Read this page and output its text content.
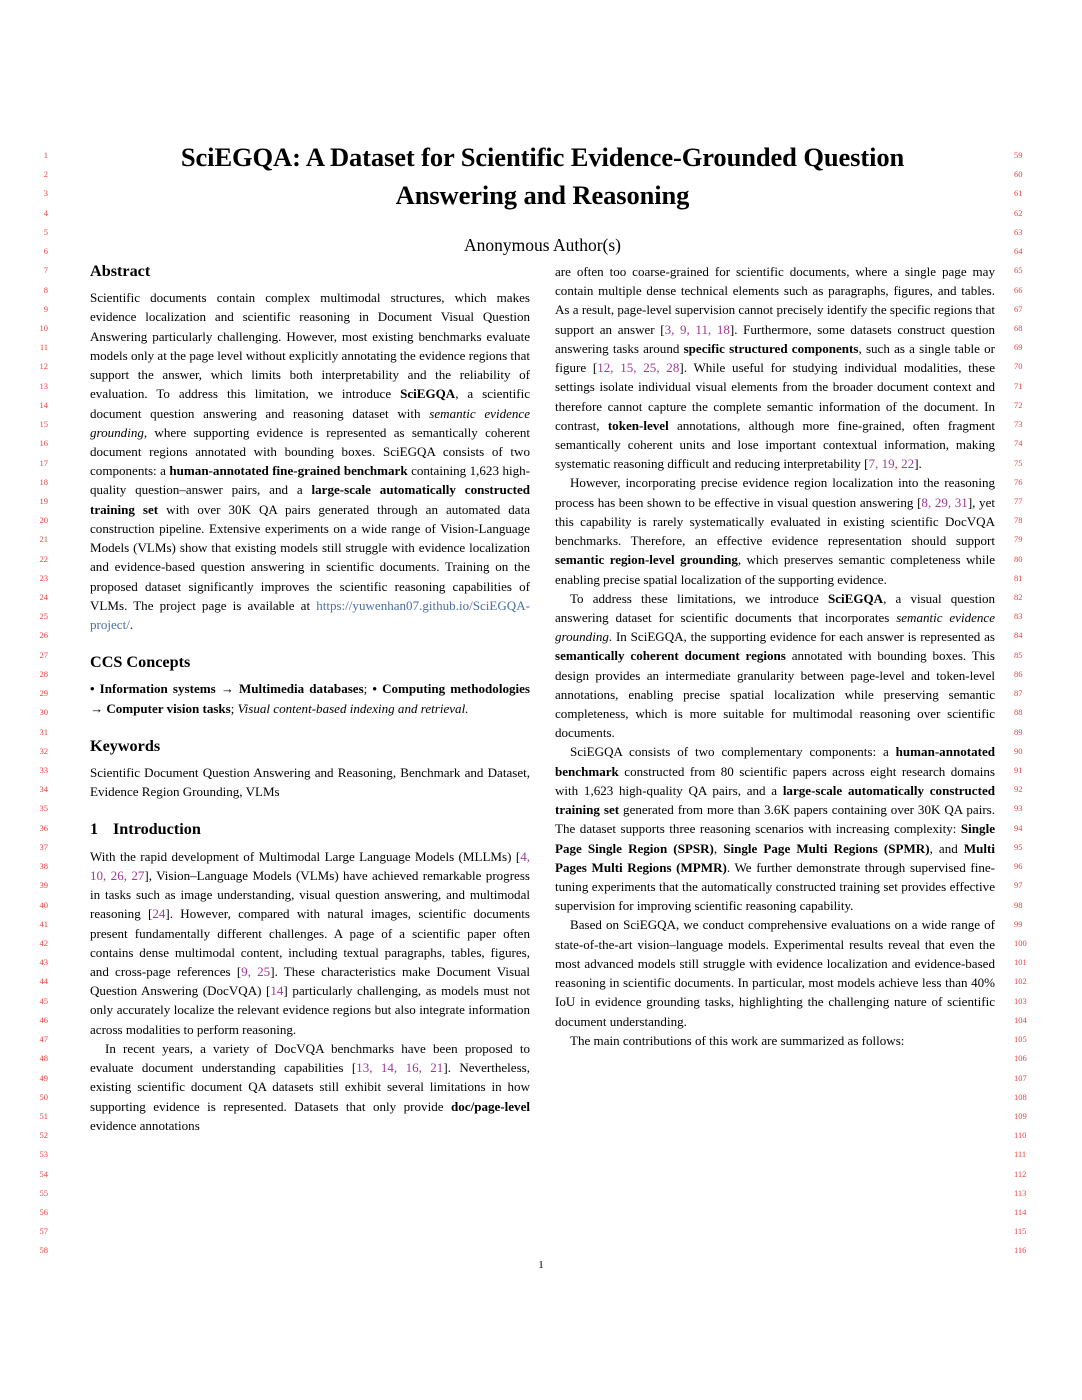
1
2
3
4
5
6
7
8
9
10
11
12
13
14
15
16
17
18
19
20
21
22
23
24
25
26
27
28
29
30
31
32
33
34
35
36
37
38
39
40
41
42
43
44
45
46
47
48
49
50
51
52
53
54
55
56
57
58
59
60
61
62
63
64
65
66
67
68
69
70
71
72
73
74
75
76
77
78
79
80
81
82
83
84
85
86
87
88
89
90
91
92
93
94
95
96
97
98
99
100
101
102
103
104
105
106
107
108
109
110
111
112
113
114
115
116
SciEGQA: A Dataset for Scientific Evidence-Grounded Question
Answering and Reasoning
Anonymous Author(s)
Abstract

Scientific documents contain complex multimodal structures, which makes evidence localization and scientific reasoning in Document Visual Question Answering particularly challenging. However, most existing benchmarks evaluate models only at the page level without explicitly annotating the evidence regions that support the answer, which limits both interpretability and the reliability of evaluation. To address this limitation, we introduce SciEGQA, a scientific document question answering and reasoning dataset with semantic evidence grounding, where supporting evidence is represented as semantically coherent document regions annotated with bounding boxes. SciEGQA consists of two components: a human-annotated fine-grained benchmark containing 1,623 high-quality question–answer pairs, and a large-scale automatically constructed training set with over 30K QA pairs generated through an automated data construction pipeline. Extensive experiments on a wide range of Vision-Language Models (VLMs) show that existing models still struggle with evidence localization and evidence-based question answering in scientific documents. Training on the proposed dataset significantly improves the scientific reasoning capabilities of VLMs. The project page is available at https://yuwenhan07.github.io/SciEGQA-project/.

CCS Concepts

• Information systems → Multimedia databases; • Computing methodologies → Computer vision tasks; Visual content-based indexing and retrieval.

Keywords

Scientific Document Question Answering and Reasoning, Benchmark and Dataset, Evidence Region Grounding, VLMs

1 Introduction

With the rapid development of Multimodal Large Language Models (MLLMs) [4, 10, 26, 27], Vision–Language Models (VLMs) have achieved remarkable progress in tasks such as image understanding, visual question answering, and multimodal reasoning [24]. However, compared with natural images, scientific documents present fundamentally different challenges. A page of a scientific paper often contains dense multimodal content, including textual paragraphs, tables, figures, and cross-page references [9, 25]. These characteristics make Document Visual Question Answering (DocVQA) [14] particularly challenging, as models must not only accurately localize the relevant evidence regions but also integrate information across modalities to perform reasoning.

In recent years, a variety of DocVQA benchmarks have been proposed to evaluate document understanding capabilities [13, 14, 16, 21]. Nevertheless, existing scientific document QA datasets still exhibit several limitations in how supporting evidence is represented. Datasets that only provide doc/page-level evidence annotations

are often too coarse-grained for scientific documents, where a single page may contain multiple dense technical elements such as paragraphs, figures, and tables. As a result, page-level supervision cannot precisely identify the specific regions that support an answer [3, 9, 11, 18]. Furthermore, some datasets construct question answering tasks around specific structured components, such as a single table or figure [12, 15, 25, 28]. While useful for studying individual modalities, these settings isolate individual visual elements from the broader document context and therefore cannot capture the complete semantic information of the document. In contrast, token-level annotations, although more fine-grained, often fragment semantically coherent units and lose important contextual information, making systematic reasoning difficult and reducing interpretability [7, 19, 22].

However, incorporating precise evidence region localization into the reasoning process has been shown to be effective in visual question answering [8, 29, 31], yet this capability is rarely systematically evaluated in existing scientific DocVQA benchmarks. Therefore, an effective evidence representation should support semantic region-level grounding, which preserves semantic completeness while enabling precise spatial localization of the supporting evidence.

To address these limitations, we introduce SciEGQA, a visual question answering dataset for scientific documents that incorporates semantic evidence grounding. In SciEGQA, the supporting evidence for each answer is represented as semantically coherent document regions annotated with bounding boxes. This design provides an intermediate granularity between page-level and token-level annotations, enabling precise spatial localization while preserving semantic completeness, which is more suitable for multimodal reasoning over scientific documents.

SciEGQA consists of two complementary components: a human-annotated benchmark constructed from 80 scientific papers across eight research domains with 1,623 high-quality QA pairs, and a large-scale automatically constructed training set generated from more than 3.6K papers containing over 30K QA pairs. The dataset supports three reasoning scenarios with increasing complexity: Single Page Single Region (SPSR), Single Page Multi Regions (SPMR), and Multi Pages Multi Regions (MPMR). We further demonstrate through supervised fine-tuning experiments that the automatically constructed training set provides effective supervision for improving scientific reasoning capability.

Based on SciEGQA, we conduct comprehensive evaluations on a wide range of state-of-the-art vision–language models. Experimental results reveal that even the most advanced models still struggle with evidence localization and evidence-based reasoning in scientific documents. In particular, most models achieve less than 40% IoU in evidence grounding tasks, highlighting the challenging nature of scientific document understanding.

The main contributions of this work are summarized as follows:

1
